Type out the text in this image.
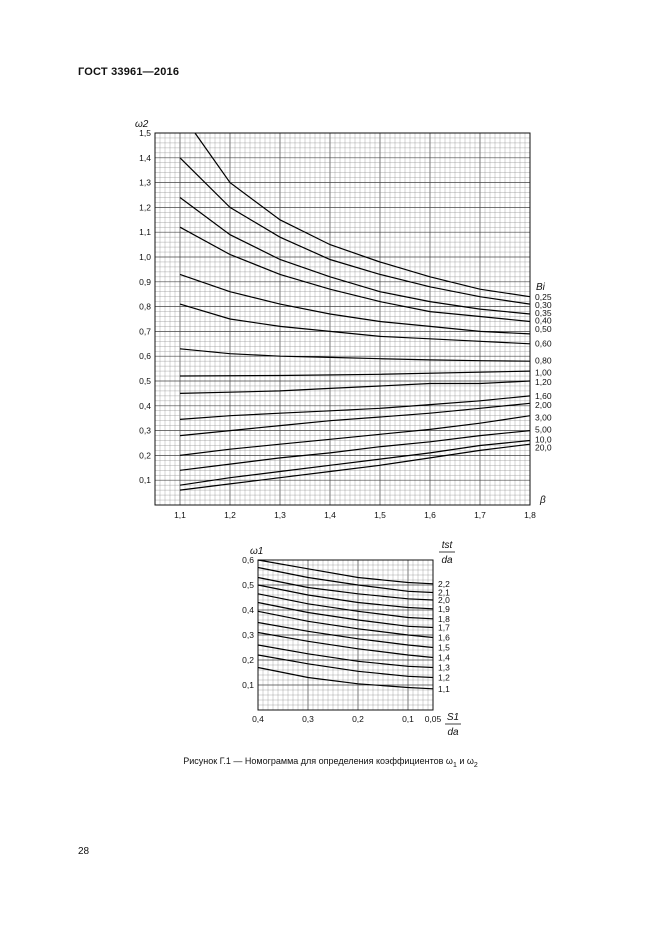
ГОСТ 33961—2016
0,1
0,2
0,3
0,4
0,5
0,6
0,7
0,8
0,9
1,0
1,1
1,2
1,3
1,4
1,5
1,1	1,2	1,3	1,4	1,5	1,6	1,7	1,8
ω2
β
Bi
0,25
0,30
0,35
0,40
0,50
0,60
0,80
1,00
1,20
1,60
2,00
3,00
5,00
10,0
20,0
0,1
0,2
0,3
0,4
0,5
0,6
0,4	0,3	0,2	0,1 0,05
ω1
S1
da
tst
da
2,2
2,1
2,0
1,9
1,8
1,7
1,6
1,5
1,4
1,3
1,2
1,1
Рисунок Г.1 — Номограмма для определения коэффициентов $\omega_1$ и $\omega_2$
28
